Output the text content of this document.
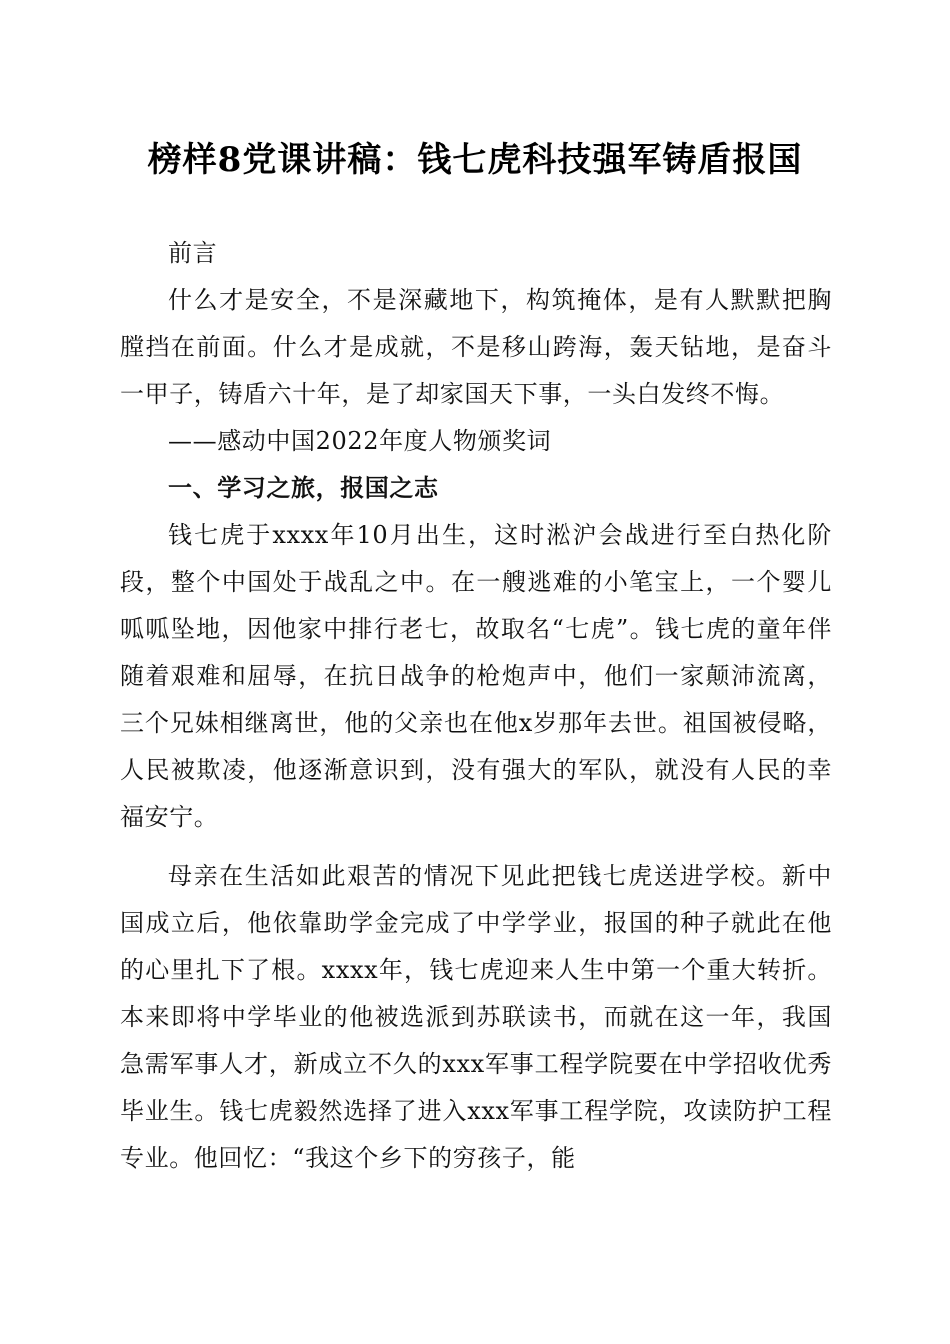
榜样8党课讲稿：钱七虎科技强军铸盾报国

前言

什么才是安全，不是深藏地下，构筑掩体，是有人默默把胸膛挡在前面。什么才是成就，不是移山跨海，轰天钻地，是奋斗一甲子，铸盾六十年，是了却家国天下事，一头白发终不悔。

——感动中国2022年度人物颁奖词

一、学习之旅，报国之志

钱七虎于xxxx年10月出生，这时淞沪会战进行至白热化阶段，整个中国处于战乱之中。在一艘逃难的小笔宝上，一个婴儿呱呱坠地，因他家中排行老七，故取名“七虎”。钱七虎的童年伴随着艰难和屈辱，在抗日战争的枪炮声中，他们一家颠沛流离，三个兄妹相继离世，他的父亲也在他x岁那年去世。祖国被侵略，人民被欺凌，他逐渐意识到，没有强大的军队，就没有人民的幸福安宁。

母亲在生活如此艰苦的情况下见此把钱七虎送进学校。新中国成立后，他依靠助学金完成了中学学业，报国的种子就此在他的心里扎下了根。xxxx年，钱七虎迎来人生中第一个重大转折。本来即将中学毕业的他被选派到苏联读书，而就在这一年，我国急需军事人才，新成立不久的xxx军事工程学院要在中学招收优秀毕业生。钱七虎毅然选择了进入xxx军事工程学院，攻读防护工程专业。他回忆：“我这个乡下的穷孩子，能
